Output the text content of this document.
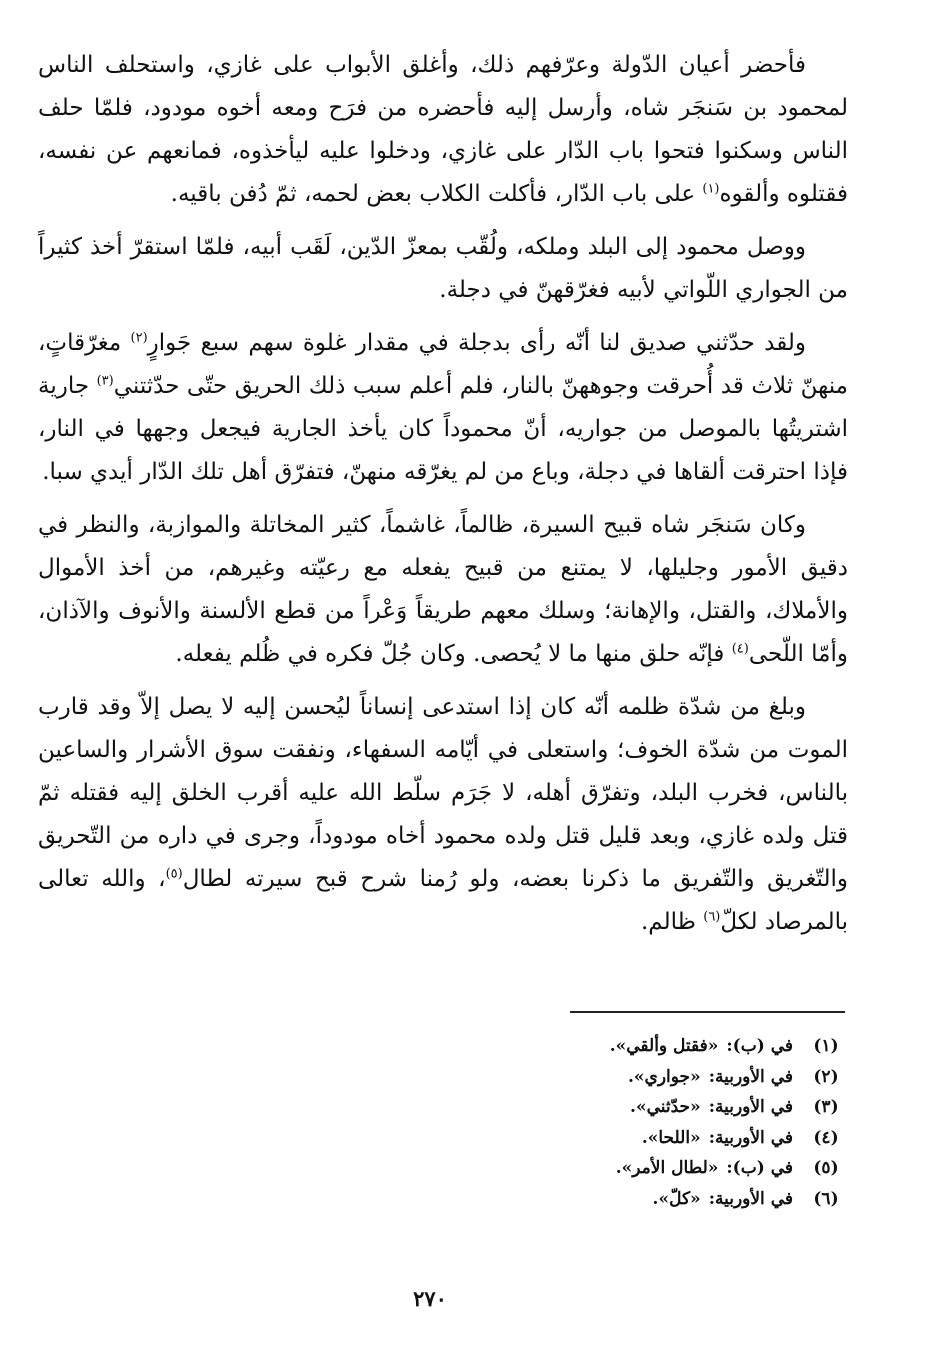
فأحضر أعيان الدّولة وعرّفهم ذلك، وأغلق الأبواب على غازي، واستحلف الناس لمحمود بن سَنجَر شاه، وأرسل إليه فأحضره من فرَح ومعه أخوه مودود، فلمّا حلف الناس وسكنوا فتحوا باب الدّار على غازي، ودخلوا عليه ليأخذوه، فمانعهم عن نفسه، فقتلوه وألقوه$^{(١)}$ على باب الدّار، فأكلت الكلاب بعض لحمه، ثمّ دُفن باقيه.

ووصل محمود إلى البلد وملكه، ولُقّب بمعزّ الدّين، لَقَب أبيه، فلمّا استقرّ أخذ كثيراً من الجواري اللّواتي لأبيه فغرّقهنّ في دجلة.

ولقد حدّثني صديق لنا أنّه رأى بدجلة في مقدار غلوة سهم سبع جَوارٍ$^{(٢)}$ مغرّقاتٍ، منهنّ ثلاث قد أُحرقت وجوههنّ بالنار، فلم أعلم سبب ذلك الحريق حتّى حدّثتني$^{(٣)}$ جارية اشتريتُها بالموصل من جواريه، أنّ محموداً كان يأخذ الجارية فيجعل وجهها في النار، فإذا احترقت ألقاها في دجلة، وباع من لم يغرّقه منهنّ، فتفرّق أهل تلك الدّار أيدي سبا.

وكان سَنجَر شاه قبيح السيرة، ظالماً، غاشماً، كثير المخاتلة والموازبة، والنظر في دقيق الأمور وجليلها، لا يمتنع من قبيح يفعله مع رعيّته وغيرهم، من أخذ الأموال والأملاك، والقتل، والإهانة؛ وسلك معهم طريقاً وَعْراً من قطع الألسنة والأنوف والآذان، وأمّا اللّحى$^{(٤)}$ فإنّه حلق منها ما لا يُحصى. وكان جُلّ فكره في ظُلم يفعله.

وبلغ من شدّة ظلمه أنّه كان إذا استدعى إنساناً ليُحسن إليه لا يصل إلاّ وقد قارب الموت من شدّة الخوف؛ واستعلى في أيّامه السفهاء، ونفقت سوق الأشرار والساعين بالناس، فخرب البلد، وتفرّق أهله، لا جَرَم سلّط الله عليه أقرب الخلق إليه فقتله ثمّ قتل ولده غازي، وبعد قليل قتل ولده محمود أخاه مودوداً، وجرى في داره من التّحريق والتّغريق والتّفريق ما ذكرنا بعضه، ولو رُمنا شرح قبح سيرته لطال$^{(٥)}$، والله تعالى بالمرصاد لكلّ$^{(٦)}$ ظالم.

(١)في (ب):«فقتل وألقي».
(٢)في الأوربية:«جواري».
(٣)في الأوربية:«حدّثني».
(٤)في الأوربية:«اللحا».
(٥)في (ب):«لطال الأمر».
(٦)في الأوربية:«كلّ».
٢٧٠
